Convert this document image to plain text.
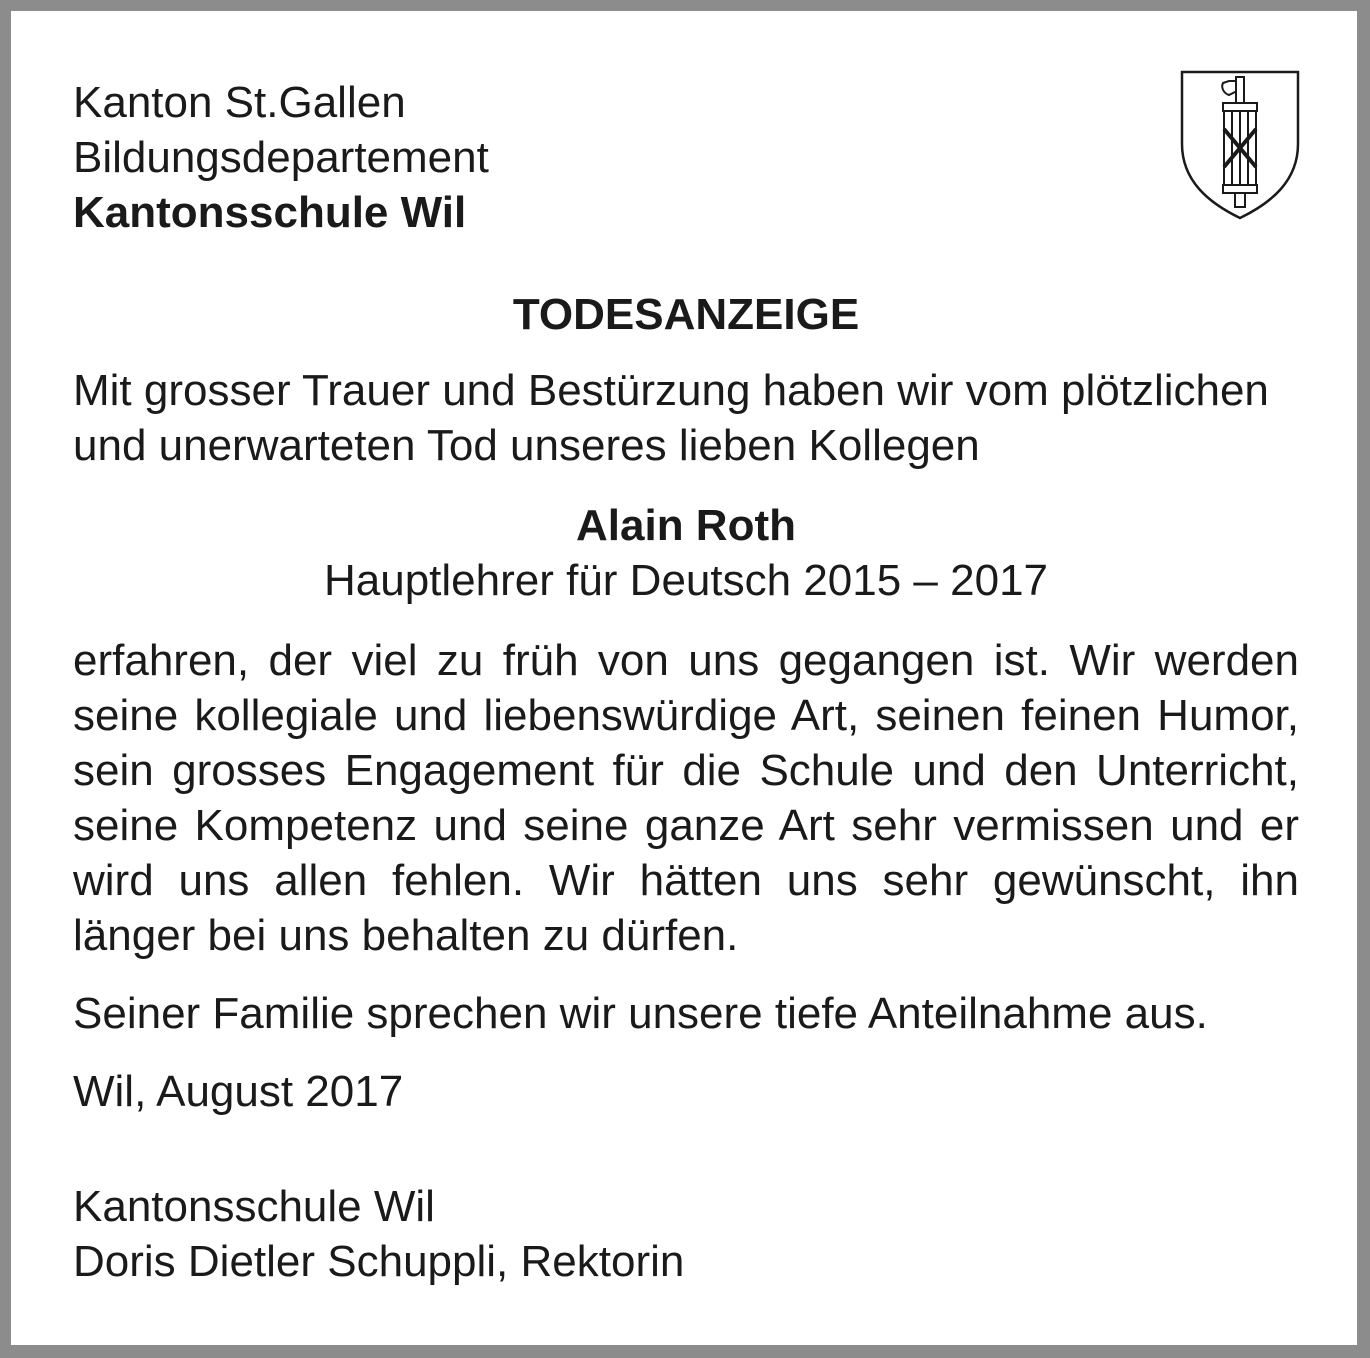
Kanton St.Gallen
Bildungsdepartement
Kantonsschule Wil
TODESANZEIGE

Mit grosser Trauer und Bestürzung haben wir vom plötzlichen und unerwarteten Tod unseres lieben Kollegen

Alain Roth
Hauptlehrer für Deutsch 2015 – 2017

erfahren, der viel zu früh von uns gegangen ist. Wir werden seine kollegiale und liebenswürdige Art, seinen feinen Humor, sein grosses Engagement für die Schule und den Unterricht, seine Kompetenz und seine ganze Art sehr vermissen und er wird uns allen fehlen. Wir hätten uns sehr gewünscht, ihn länger bei uns behalten zu dürfen.

Seiner Familie sprechen wir unsere tiefe Anteilnahme aus.

Wil, August 2017

Kantonsschule Wil
Doris Dietler Schuppli, Rektorin
